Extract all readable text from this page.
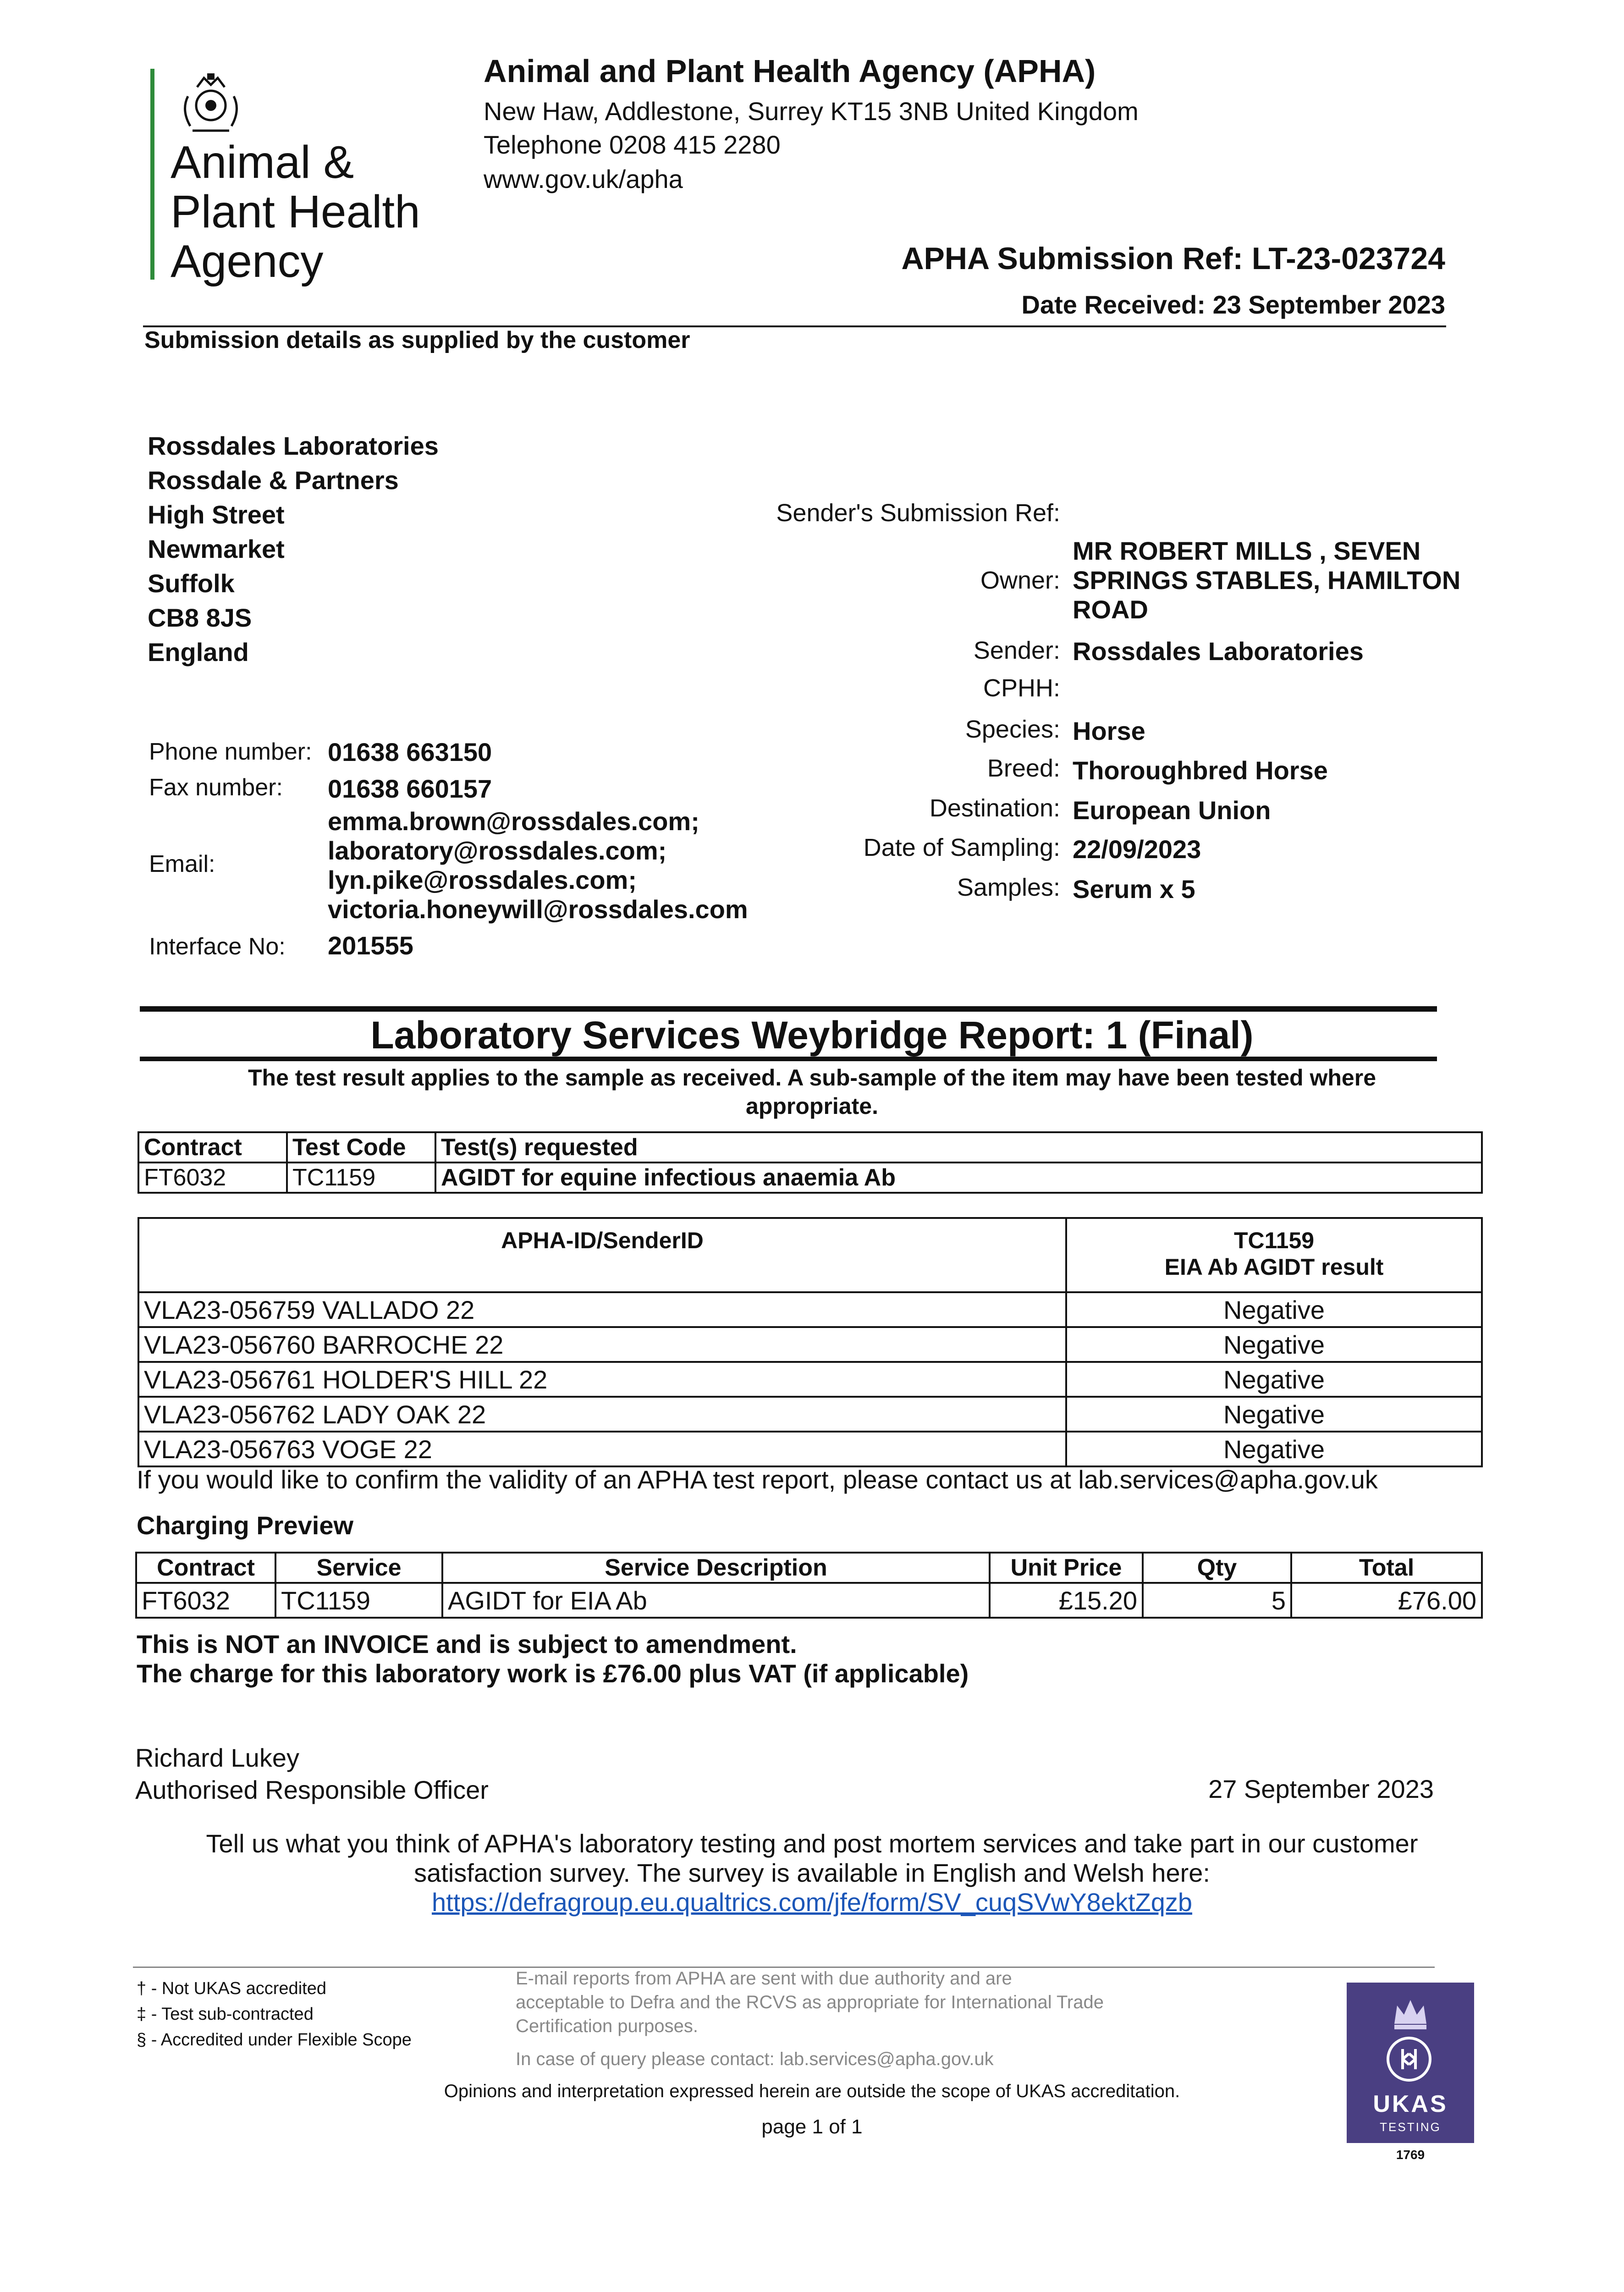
Animal &
Plant Health
Agency
Animal and Plant Health Agency (APHA)
New Haw, Addlestone, Surrey KT15 3NB United Kingdom
Telephone 0208 415 2280
www.gov.uk/apha
APHA Submission Ref: LT-23-023724
Date Received: 23 September 2023
Submission details as supplied by the customer
Rossdales Laboratories
Rossdale & Partners
High Street
Newmarket
Suffolk
CB8 8JS
England
Phone number: 01638 663150
Fax number: 01638 660157
Email:
emma.brown@rossdales.com;
laboratory@rossdales.com;
lyn.pike@rossdales.com;
victoria.honeywill@rossdales.com
Interface No: 201555
Sender's Submission Ref:
Owner:
MR ROBERT MILLS , SEVEN
SPRINGS STABLES, HAMILTON
ROAD
Sender: Rossdales Laboratories
CPHH:
Species: Horse
Breed: Thoroughbred Horse
Destination: European Union
Date of Sampling: 22/09/2023
Samples: Serum x 5
Laboratory Services Weybridge Report: 1 (Final)
The test result applies to the sample as received. A sub-sample of the item may have been tested where
appropriate.
Contract	Test Code	Test(s) requested
FT6032	TC1159	AGIDT for equine infectious anaemia Ab
APHA-ID/SenderID	TC1159
EIA Ab AGIDT result

VLA23-056759 VALLADO 22	Negative
VLA23-056760 BARROCHE 22	Negative
VLA23-056761 HOLDER'S HILL 22	Negative
VLA23-056762 LADY OAK 22	Negative
VLA23-056763 VOGE 22	Negative
If you would like to confirm the validity of an APHA test report, please contact us at lab.services@apha.gov.uk
Charging Preview
Contract	Service	Service Description	Unit Price	Qty	Total
FT6032	TC1159	AGIDT for EIA Ab	£15.20	5	£76.00
This is NOT an INVOICE and is subject to amendment.
The charge for this laboratory work is £76.00 plus VAT (if applicable)
Richard Lukey
Authorised Responsible Officer	27 September 2023
Tell us what you think of APHA's laboratory testing and post mortem services and take part in our customer
satisfaction survey. The survey is available in English and Welsh here:
https://defragroup.eu.qualtrics.com/jfe/form/SV_cuqSVwY8ektZqzb
† - Not UKAS accredited
‡ - Test sub-contracted
§ - Accredited under Flexible Scope
E-mail reports from APHA are sent with due authority and are
acceptable to Defra and the RCVS as appropriate for International Trade
Certification purposes.
In case of query please contact: lab.services@apha.gov.uk
Opinions and interpretation expressed herein are outside the scope of UKAS accreditation.
page 1 of 1
UKAS
TESTING
1769
